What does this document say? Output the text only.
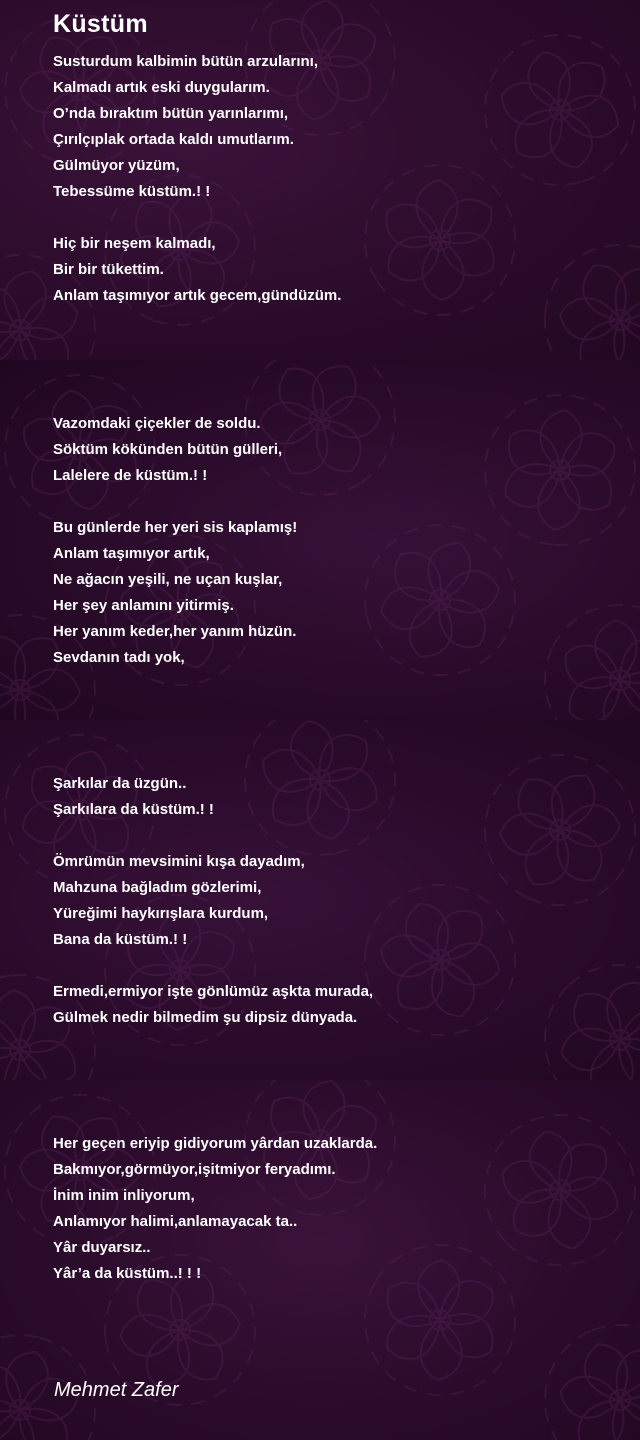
Küstüm
Susturdum kalbimin bütün arzularını,
Kalmadı artık eski duygularım.
O’nda bıraktım bütün yarınlarımı,
Çırılçıplak ortada kaldı umutlarım.
Gülmüyor yüzüm,
Tebessüme küstüm.! !
Hiç bir neşem kalmadı,
Bir bir tükettim.
Anlam taşımıyor artık gecem,gündüzüm.
Vazomdaki çiçekler de soldu.
Söktüm kökünden bütün gülleri,
Lalelere de küstüm.! !
Bu günlerde her yeri sis kaplamış!
Anlam taşımıyor artık,
Ne ağacın yeşili, ne uçan kuşlar,
Her şey anlamını yitirmiş.
Her yanım keder,her yanım hüzün.
Sevdanın tadı yok,
Şarkılar da üzgün..
Şarkılara da küstüm.! !
Ömrümün mevsimini kışa dayadım,
Mahzuna bağladım gözlerimi,
Yüreğimi haykırışlara kurdum,
Bana da küstüm.! !
Ermedi,ermiyor işte gönlümüz aşkta murada,
Gülmek nedir bilmedim şu dipsiz dünyada.
Her geçen eriyip gidiyorum yârdan uzaklarda.
Bakmıyor,görmüyor,işitmiyor feryadımı.
İnim inim inliyorum,
Anlamıyor halimi,anlamayacak ta..
Yâr duyarsız..
Yâr’a da küstüm..! ! !
Mehmet Zafer
